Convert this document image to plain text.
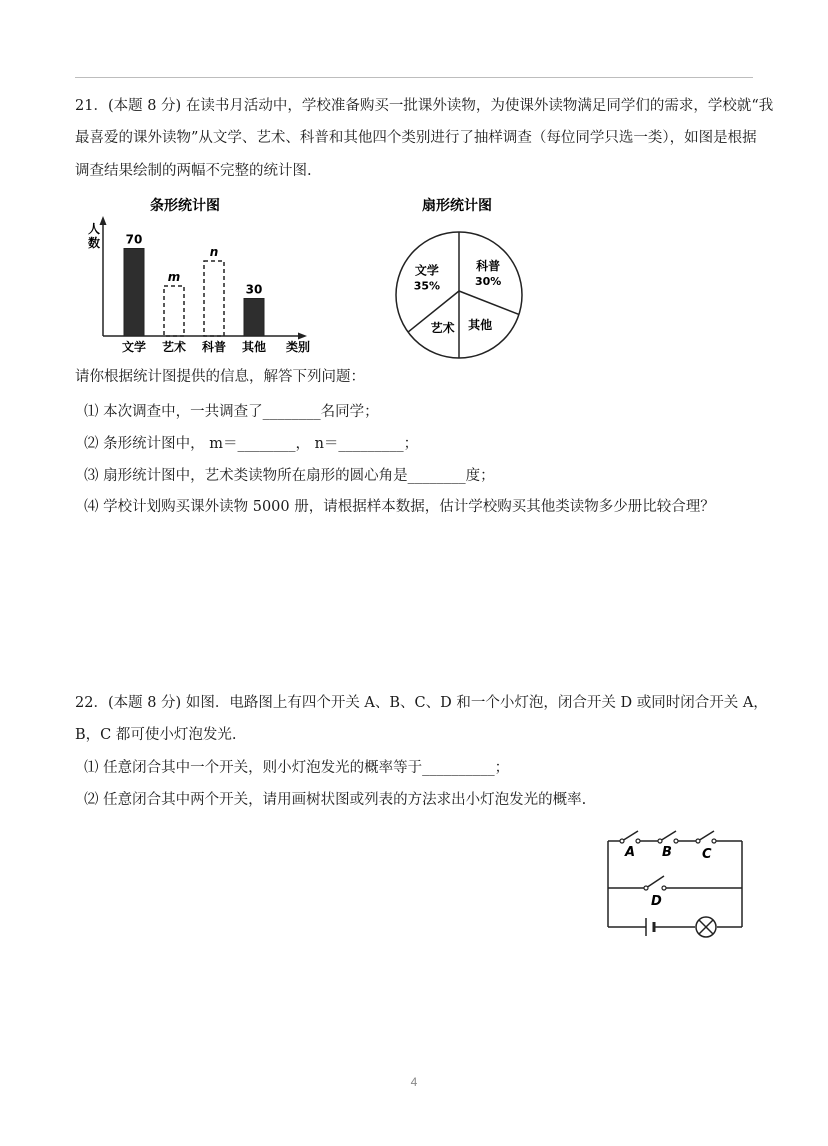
21．(本题 8 分) 在读书月活动中，学校准备购买一批课外读物，为使课外读物满足同学们的需求，学校就“我
最喜爱的课外读物”从文学、艺术、科普和其他四个类别进行了抽样调查（每位同学只选一类），如图是根据
调查结果绘制的两幅不完整的统计图.
条形统计图
人
数 70
文学
m
艺术
n
科普
30
其他 类别
扇形统计图
文学
35%
科普
30%
其他
艺术
请你根据统计图提供的信息，解答下列问题：
⑴ 本次调查中，一共调查了________名同学；
⑵ 条形统计图中， m＝________， n＝_________；
⑶ 扇形统计图中，艺术类读物所在扇形的圆心角是________度；
⑷ 学校计划购买课外读物 5000 册，请根据样本数据，估计学校购买其他类读物多少册比较合理？
22．(本题 8 分) 如图．电路图上有四个开关 A、B、C、D 和一个小灯泡，闭合开关 D 或同时闭合开关 A，
B，C 都可使小灯泡发光.
⑴ 任意闭合其中一个开关，则小灯泡发光的概率等于__________；
⑵ 任意闭合其中两个开关，请用画树状图或列表的方法求出小灯泡发光的概率.
A B C
D
4
